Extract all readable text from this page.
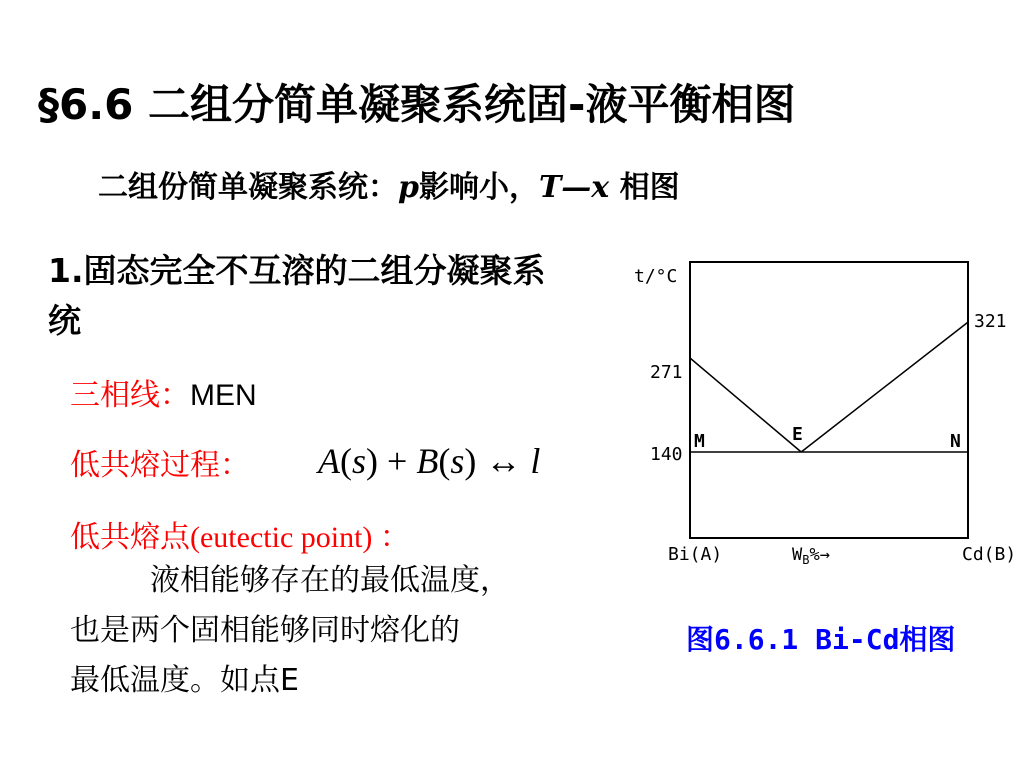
§6.6 二组分简单凝聚系统固-液平衡相图
二组份简单凝聚系统：p影响小，T—x 相图
1.固态完全不互溶的二组分凝聚系统
三相线：MEN
低共熔过程： A(s) + B(s) ↔ l
低共熔点(eutectic point) ：
液相能够存在的最低温度，
也是两个固相能够同时熔化的
最低温度。如点E
t/°C
271
140
321
M	E	N
Bi(A)	Cd(B)
$W_B\%\to$
图6.6.1 Bi-Cd相图
